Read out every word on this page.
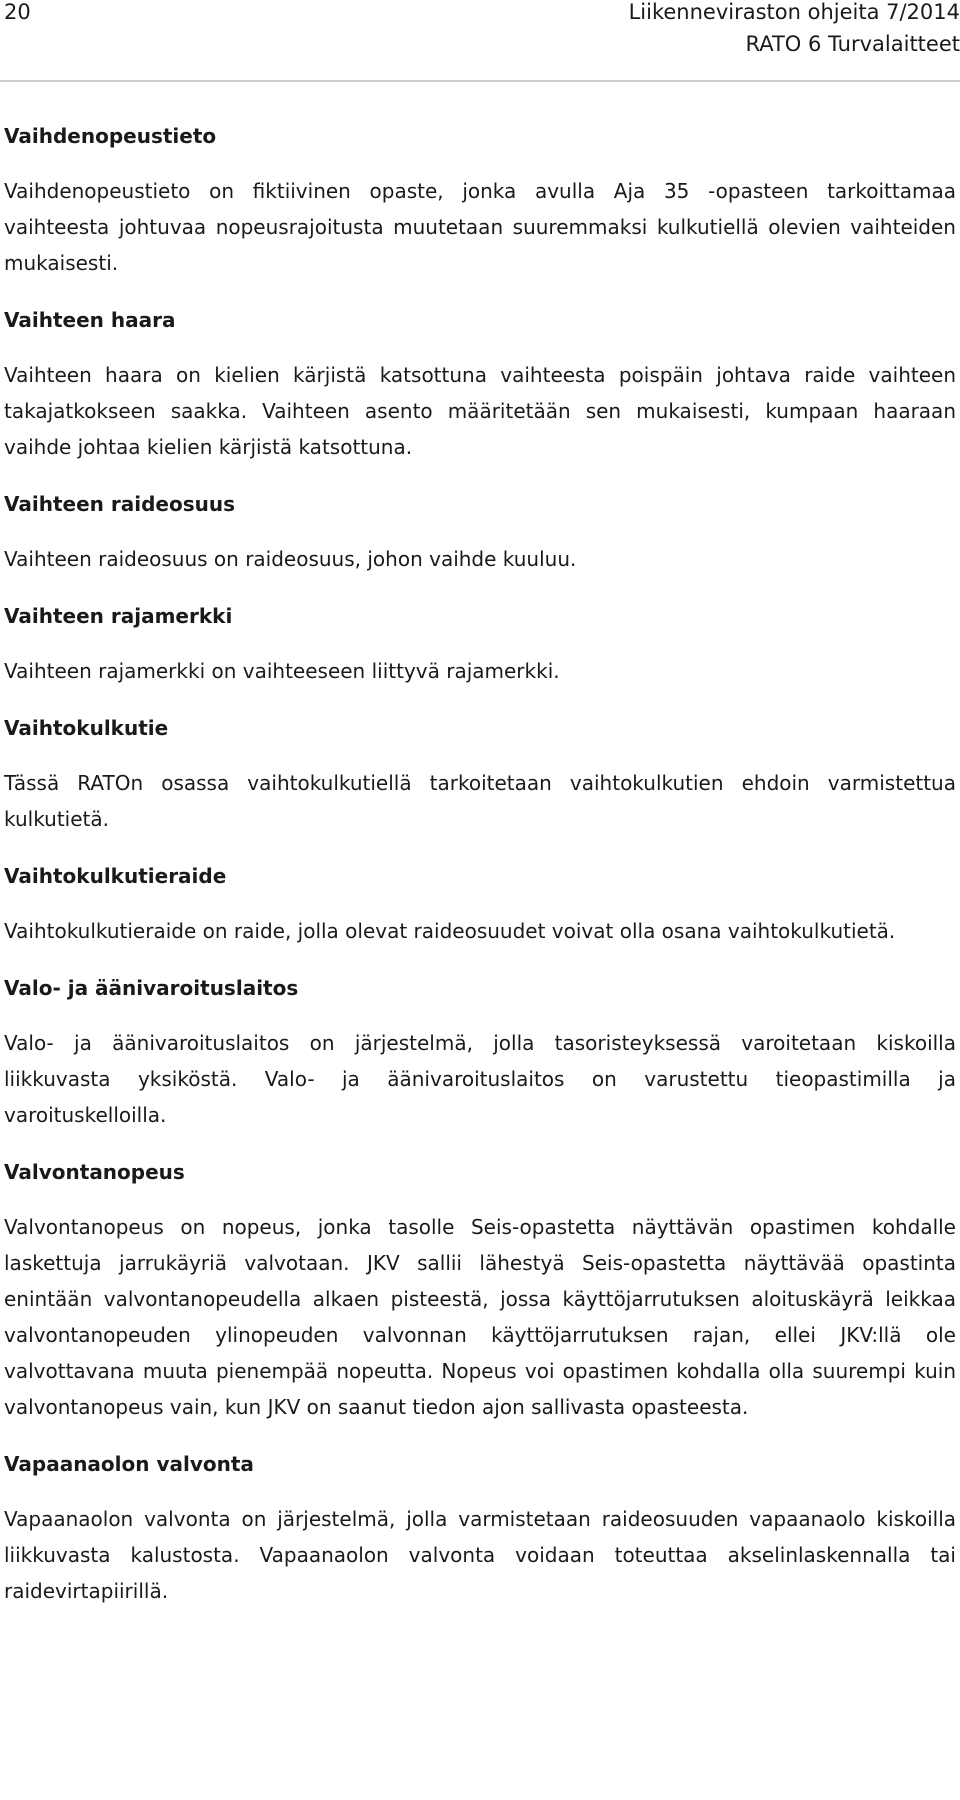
20	Liikenneviraston ohjeita 7/2014
RATO 6 Turvalaitteet

Vaihdenopeustieto

Vaihdenopeustieto on fiktiivinen opaste, jonka avulla Aja 35 -opasteen tarkoittamaa vaihteesta johtuvaa nopeusrajoitusta muutetaan suuremmaksi kulkutiellä olevien vaihteiden mukaisesti.

Vaihteen haara

Vaihteen haara on kielien kärjistä katsottuna vaihteesta poispäin johtava raide vaihteen takajatkokseen saakka. Vaihteen asento määritetään sen mukaisesti, kumpaan haaraan vaihde johtaa kielien kärjistä katsottuna.

Vaihteen raideosuus

Vaihteen raideosuus on raideosuus, johon vaihde kuuluu.

Vaihteen rajamerkki

Vaihteen rajamerkki on vaihteeseen liittyvä rajamerkki.

Vaihtokulkutie

Tässä RATOn osassa vaihtokulkutiellä tarkoitetaan vaihtokulkutien ehdoin varmistettua kulkutietä.

Vaihtokulkutieraide

Vaihtokulkutieraide on raide, jolla olevat raideosuudet voivat olla osana vaihtokulkutietä.

Valo- ja äänivaroituslaitos

Valo- ja äänivaroituslaitos on järjestelmä, jolla tasoristeyksessä varoitetaan kiskoilla liikkuvasta yksiköstä. Valo- ja äänivaroituslaitos on varustettu tieopastimilla ja varoituskelloilla.

Valvontanopeus

Valvontanopeus on nopeus, jonka tasolle Seis-opastetta näyttävän opastimen kohdalle laskettuja jarrukäyriä valvotaan. JKV sallii lähestyä Seis-opastetta näyttävää opastinta enintään valvontanopeudella alkaen pisteestä, jossa käyttöjarrutuksen aloituskäyrä leikkaa valvontanopeuden ylinopeuden valvonnan käyttöjarrutuksen rajan, ellei JKV:llä ole valvottavana muuta pienempää nopeutta. Nopeus voi opastimen kohdalla olla suurempi kuin valvontanopeus vain, kun JKV on saanut tiedon ajon sallivasta opasteesta.

Vapaanaolon valvonta

Vapaanaolon valvonta on järjestelmä, jolla varmistetaan raideosuuden vapaanaolo kiskoilla liikkuvasta kalustosta. Vapaanaolon valvonta voidaan toteuttaa akselinlaskennalla tai raidevirtapiirillä.
